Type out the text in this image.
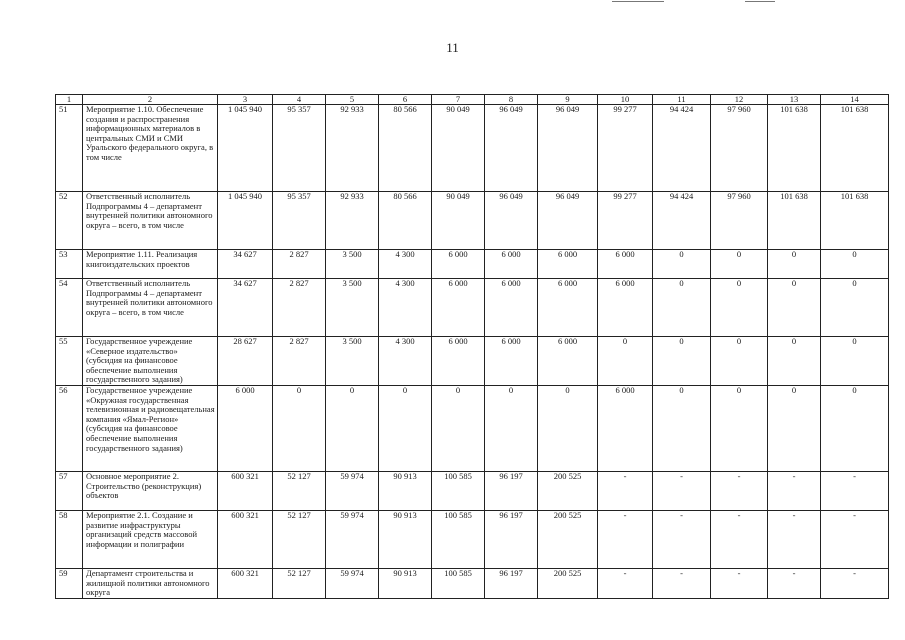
11
1	2	3	4	5	6	7	8	9	10	11	12	13	14
51	Мероприятие 1.10. Обеспечение создания и распространения информационных материалов в центральных СМИ и СМИ Уральского федерального округа, в том числе	1 045 940	95 357	92 933	80 566	90 049	96 049	96 049	99 277	94 424	97 960	101 638	101 638
52	Ответственный исполнитель Подпрограммы 4 – департамент внутренней политики автономного округа – всего, в том числе	1 045 940	95 357	92 933	80 566	90 049	96 049	96 049	99 277	94 424	97 960	101 638	101 638
53	Мероприятие 1.11. Реализация книгоиздательских проектов	34 627	2 827	3 500	4 300	6 000	6 000	6 000	6 000	0	0	0	0
54	Ответственный исполнитель Подпрограммы 4 – департамент внутренней политики автономного округа – всего, в том числе	34 627	2 827	3 500	4 300	6 000	6 000	6 000	6 000	0	0	0	0
55	Государственное учреждение «Северное издательство» (субсидия на финансовое обеспечение выполнения государственного задания)	28 627	2 827	3 500	4 300	6 000	6 000	6 000	0	0	0	0	0
56	Государственное учреждение «Окружная государственная телевизионная и радиовещательная компания «Ямал-Регион» (субсидия на финансовое обеспечение выполнения государственного задания)	6 000	0	0	0	0	0	0	6 000	0	0	0	0
57	Основное мероприятие 2. Строительство (реконструкция) объектов	600 321	52 127	59 974	90 913	100 585	96 197	200 525	-	-	-	-	-
58	Мероприятие 2.1. Создание и развитие инфраструктуры организаций средств массовой информации и полиграфии	600 321	52 127	59 974	90 913	100 585	96 197	200 525	-	-	-	-	-
59	Департамент строительства и жилищной политики автономного округа	600 321	52 127	59 974	90 913	100 585	96 197	200 525	-	-	-	-	-
